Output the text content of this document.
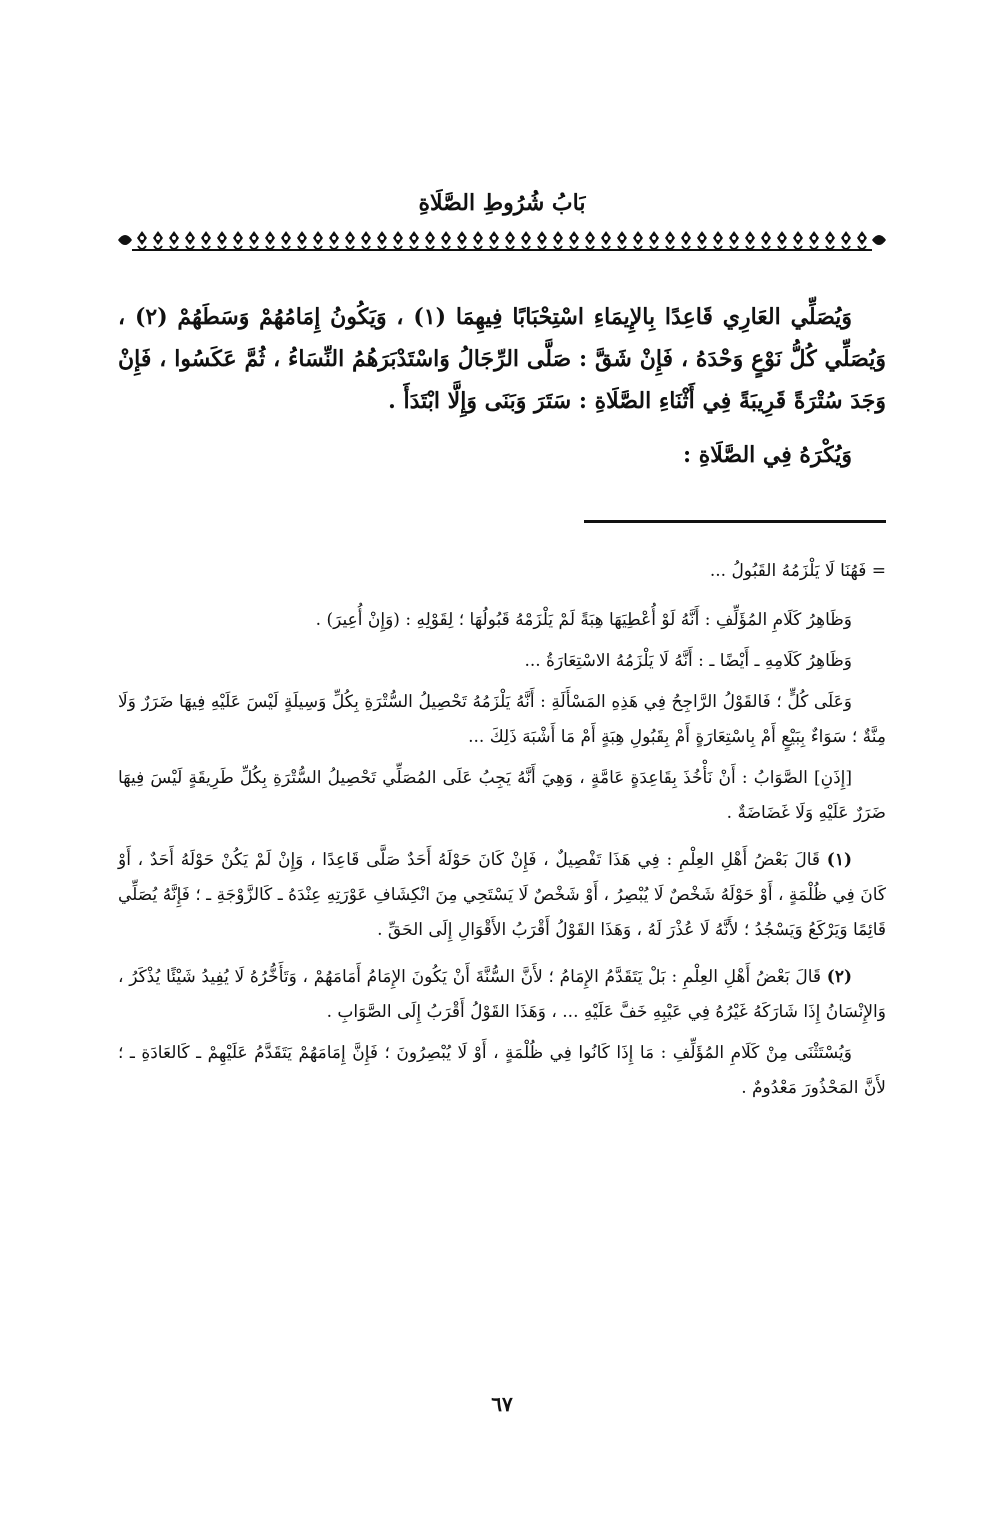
بَابُ شُرُوطِ الصَّلَاةِ

وَيُصَلِّي العَارِي قَاعِدًا بِالإِيمَاءِ اسْتِحْبَابًا فِيهِمَا (١) ، وَيَكُونُ إِمَامُهُمْ وَسَطَهُمْ (٢) ، وَيُصَلِّي كُلُّ نَوْعٍ وَحْدَهُ ، فَإِنْ شَقَّ : صَلَّى الرِّجَالُ وَاسْتَدْبَرَهُمُ النِّسَاءُ ، ثُمَّ عَكَسُوا ، فَإِنْ وَجَدَ سُتْرَةً قَرِيبَةً فِي أَثْنَاءِ الصَّلَاةِ : سَتَرَ وَبَنَى وَإِلَّا ابْتَدَأَ .

وَيُكْرَهُ فِي الصَّلَاةِ :

= فَهُنَا لَا يَلْزَمُهُ القَبُولُ ...

وَظَاهِرُ كَلَامِ المُؤَلِّفِ : أَنَّهُ لَوْ أُعْطِيَهَا هِبَةً لَمْ يَلْزَمْهُ قَبُولُهَا ؛ لِقَوْلِهِ : (وَإِنْ أُعِيرَ) .

وَظَاهِرُ كَلَامِهِ ـ أَيْضًا ـ : أَنَّهُ لَا يَلْزَمُهُ الاسْتِعَارَةُ ...

وَعَلَى كُلٍّ ؛ فَالقَوْلُ الرَّاجِحُ فِي هَذِهِ المَسْأَلَةِ : أَنَّهُ يَلْزَمُهُ تَحْصِيلُ السُّتْرَةِ بِكُلِّ وَسِيلَةٍ لَيْسَ عَلَيْهِ فِيهَا ضَرَرٌ وَلَا مِنَّةٌ ؛ سَوَاءٌ بِبَيْعٍ أَمْ بِاسْتِعَارَةٍ أَمْ بِقَبُولِ هِبَةٍ أَمْ مَا أَشْبَهَ ذَلِكَ ...

[إِذَنِ] الصَّوَابُ : أَنْ نَأْخُذَ بِقَاعِدَةٍ عَامَّةٍ ، وَهِيَ أَنَّهُ يَجِبُ عَلَى المُصَلِّي تَحْصِيلُ السُّتْرَةِ بِكُلِّ طَرِيقَةٍ لَيْسَ فِيهَا ضَرَرٌ عَلَيْهِ وَلَا غَضَاضَةٌ .

(١) قَالَ بَعْضُ أَهْلِ العِلْمِ : فِي هَذَا تَفْصِيلٌ ، فَإِنْ كَانَ حَوْلَهُ أَحَدٌ صَلَّى قَاعِدًا ، وَإِنْ لَمْ يَكُنْ حَوْلَهُ أَحَدٌ ، أَوْ كَانَ فِي ظُلْمَةٍ ، أَوْ حَوْلَهُ شَخْصٌ لَا يُبْصِرُ ، أَوْ شَخْصٌ لَا يَسْتَحِي مِنَ انْكِشَافِ عَوْرَتِهِ عِنْدَهُ ـ كَالزَّوْجَةِ ـ ؛ فَإِنَّهُ يُصَلِّي قَائِمًا وَيَرْكَعُ وَيَسْجُدُ ؛ لأَنَّهُ لَا عُذْرَ لَهُ ، وَهَذَا القَوْلُ أَقْرَبُ الأَقْوَالِ إِلَى الحَقِّ .

(٢) قَالَ بَعْضُ أَهْلِ العِلْمِ : بَلْ يَتَقَدَّمُ الإِمَامُ ؛ لأَنَّ السُّنَّةَ أَنْ يَكُونَ الإِمَامُ أَمَامَهُمْ ، وَتَأَخُّرُهُ لَا يُفِيدُ شَيْئًا يُذْكَرُ ، وَالإِنْسَانُ إِذَا شَارَكَهُ غَيْرُهُ فِي عَيْبِهِ خَفَّ عَلَيْهِ ... ، وَهَذَا القَوْلُ أَقْرَبُ إِلَى الصَّوَابِ .

وَيُسْتَثْنَى مِنْ كَلَامِ المُؤَلِّفِ : مَا إِذَا كَانُوا فِي ظُلْمَةٍ ، أَوْ لَا يُبْصِرُونَ ؛ فَإِنَّ إِمَامَهُمْ يَتَقَدَّمُ عَلَيْهِمْ ـ كَالعَادَةِ ـ ؛ لأَنَّ المَحْذُورَ مَعْدُومٌ .

٦٧
